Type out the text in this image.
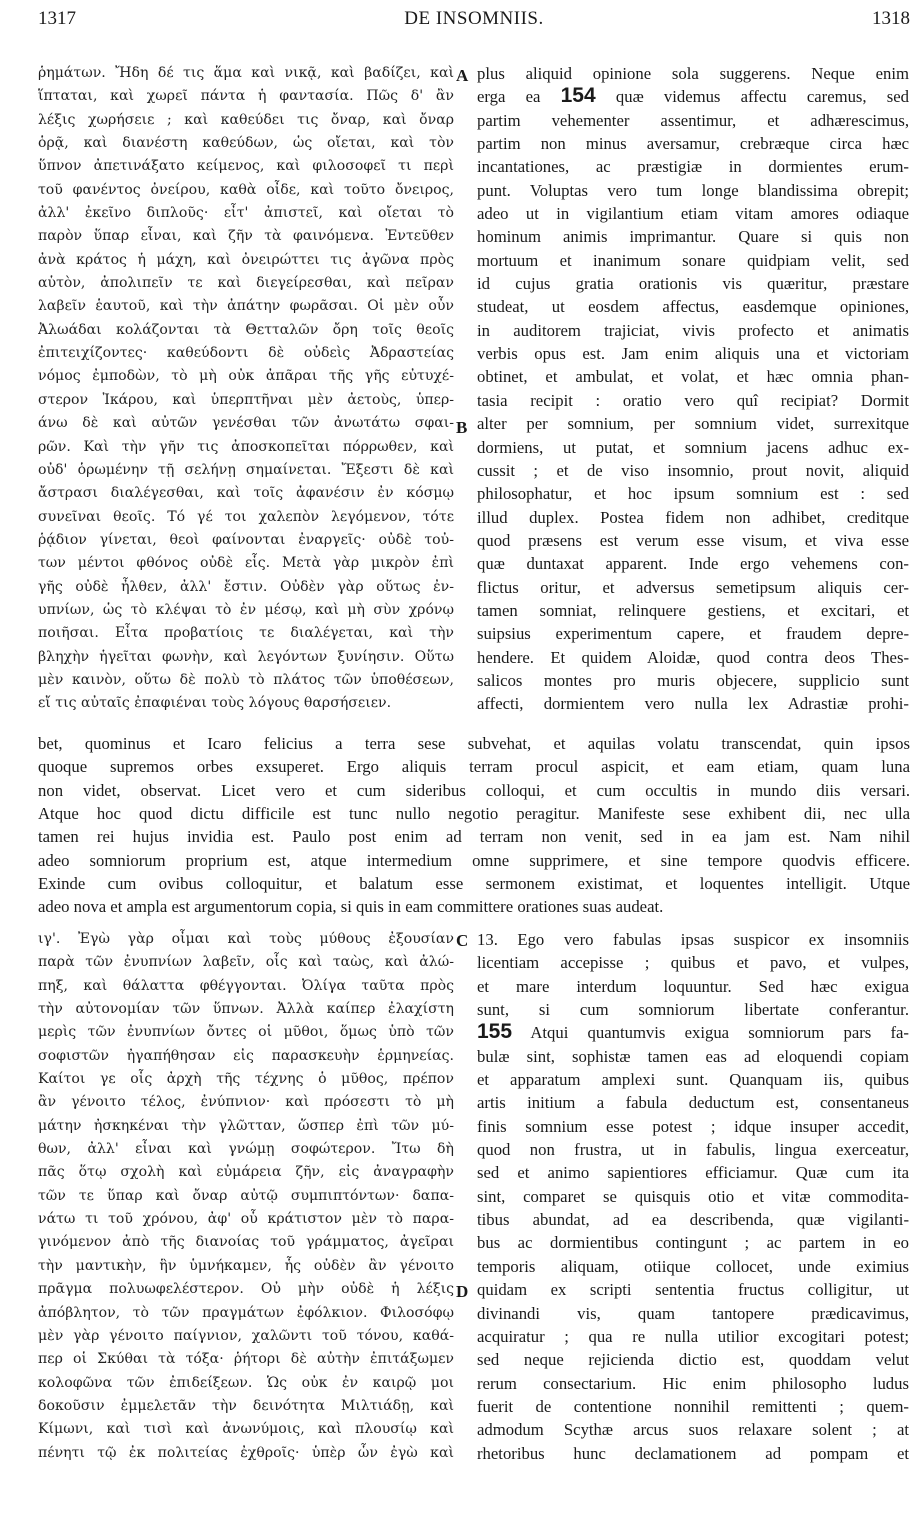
1317	DE INSOMNIIS.	1318

ῥημάτων. Ἤδη δέ τις ἅμα καὶ νικᾷ, καὶ βαδίζει, καὶ

ἵπταται, καὶ χωρεῖ πάντα ἡ φαντασία. Πῶς δ' ἂν

λέξις χωρήσειε ; καὶ καθεύδει τις ὄναρ, καὶ ὄναρ

ὁρᾷ, καὶ διανέστη καθεύδων, ὡς οἴεται, καὶ τὸν

ὕπνον ἀπετινάξατο κείμενος, καὶ φιλοσοφεῖ τι περὶ

τοῦ φανέντος ὀνείρου, καθὰ οἶδε, καὶ τοῦτο ὄνειρος,

ἀλλ' ἐκεῖνο διπλοῦς· εἶτ' ἀπιστεῖ, καὶ οἴεται τὸ

παρὸν ὕπαρ εἶναι, καὶ ζῆν τὰ φαινόμενα. Ἐντεῦθεν

ἀνὰ κράτος ἡ μάχη, καὶ ὀνειρώττει τις ἀγῶνα πρὸς

αὑτὸν, ἀπολιπεῖν τε καὶ διεγείρεσθαι, καὶ πεῖραν

λαβεῖν ἑαυτοῦ, καὶ τὴν ἀπάτην φωρᾶσαι. Οἱ μὲν οὖν

Ἀλωάδαι κολάζονται τὰ Θετταλῶν ὄρη τοῖς θεοῖς

ἐπιτειχίζοντες· καθεύδοντι δὲ οὐδεὶς Ἀδραστείας

νόμος ἐμποδὼν, τὸ μὴ οὐκ ἀπᾶραι τῆς γῆς εὐτυχέ-

στερον Ἰκάρου, καὶ ὑπερπτῆναι μὲν ἀετοὺς, ὑπερ-

άνω δὲ καὶ αὐτῶν γενέσθαι τῶν ἀνωτάτω σφαι-

ρῶν. Καὶ τὴν γῆν τις ἀποσκοπεῖται πόρρωθεν, καὶ

οὐδ' ὁρωμένην τῇ σελήνῃ σημαίνεται. Ἔξεστι δὲ καὶ

ἄστρασι διαλέγεσθαι, καὶ τοῖς ἀφανέσιν ἐν κόσμῳ

συνεῖναι θεοῖς. Τό γέ τοι χαλεπὸν λεγόμενον, τότε

ῥᾴδιον γίνεται, θεοὶ φαίνονται ἐναργεῖς· οὐδὲ τοὐ-

των μέντοι φθόνος οὐδὲ εἷς. Μετὰ γὰρ μικρὸν ἐπὶ

γῆς οὐδὲ ἦλθεν, ἀλλ' ἔστιν. Οὐδὲν γὰρ οὕτως ἐν-

υπνίων, ὡς τὸ κλέψαι τὸ ἐν μέσῳ, καὶ μὴ σὺν χρόνῳ

ποιῆσαι. Εἶτα προβατίοις τε διαλέγεται, καὶ τὴν

βληχὴν ἡγεῖται φωνὴν, καὶ λεγόντων ξυνίησιν. Οὕτω

μὲν καινὸν, οὕτω δὲ πολὺ τὸ πλάτος τῶν ὑποθέσεων,

εἴ τις αὐταῖς ἐπαφιέναι τοὺς λόγους θαρσήσειεν.

plus aliquid opinione sola suggerens. Neque enim

erga ea 154 quæ videmus affectu caremus, sed

partim vehementer assentimur, et adhærescimus,

partim non minus aversamur, crebræque circa hæc

incantationes, ac præstigiæ in dormientes erum-

punt. Voluptas vero tum longe blandissima obrepit;

adeo ut in vigilantium etiam vitam amores odiaque

hominum animis imprimantur. Quare si quis non

mortuum et inanimum sonare quidpiam velit, sed

id cujus gratia orationis vis quæritur, præstare

studeat, ut eosdem affectus, easdemque opiniones,

in auditorem trajiciat, vivis profecto et animatis

verbis opus est. Jam enim aliquis una et victoriam

obtinet, et ambulat, et volat, et hæc omnia phan-

tasia recipit : oratio vero quî recipiat? Dormit

alter per somnium, per somnium videt, surrexitque

dormiens, ut putat, et somnium jacens adhuc ex-

cussit ; et de viso insomnio, prout novit, aliquid

philosophatur, et hoc ipsum somnium est : sed

illud duplex. Postea fidem non adhibet, creditque

quod præsens est verum esse visum, et viva esse

quæ duntaxat apparent. Inde ergo vehemens con-

flictus oritur, et adversus semetipsum aliquis cer-

tamen somniat, relinquere gestiens, et excitari, et

suipsius experimentum capere, et fraudem depre-

hendere. Et quidem Aloidæ, quod contra deos Thes-

salicos montes pro muris objecere, supplicio sunt

affecti, dormientem vero nulla lex Adrastiæ prohi-

A
B
C
D

bet, quominus et Icaro felicius a terra sese subvehat, et aquilas volatu transcendat, quin ipsos

quoque supremos orbes exsuperet. Ergo aliquis terram procul aspicit, et eam etiam, quam luna

non videt, observat. Licet vero et cum sideribus colloqui, et cum occultis in mundo diis versari.

Atque hoc quod dictu difficile est tunc nullo negotio peragitur. Manifeste sese exhibent dii, nec ulla

tamen rei hujus invidia est. Paulo post enim ad terram non venit, sed in ea jam est. Nam nihil

adeo somniorum proprium est, atque intermedium omne supprimere, et sine tempore quodvis efficere.

Exinde cum ovibus colloquitur, et balatum esse sermonem existimat, et loquentes intelligit. Utque

adeo nova et ampla est argumentorum copia, si quis in eam committere orationes suas audeat.

ιγ'. Ἐγὼ γὰρ οἶμαι καὶ τοὺς μύθους ἐξουσίαν

παρὰ τῶν ἐνυπνίων λαβεῖν, οἷς καὶ ταὼς, καὶ ἀλώ-

πηξ, καὶ θάλαττα φθέγγονται. Ὀλίγα ταῦτα πρὸς

τὴν αὐτονομίαν τῶν ὕπνων. Ἀλλὰ καίπερ ἐλαχίστη

μερὶς τῶν ἐνυπνίων ὄντες οἱ μῦθοι, ὅμως ὑπὸ τῶν

σοφιστῶν ἠγαπήθησαν εἰς παρασκευὴν ἑρμηνείας.

Καίτοι γε οἷς ἀρχὴ τῆς τέχνης ὁ μῦθος, πρέπον

ἂν γένοιτο τέλος, ἐνύπνιον· καὶ πρόσεστι τὸ μὴ

μάτην ἠσκηκέναι τὴν γλῶτταν, ὥσπερ ἐπὶ τῶν μύ-

θων, ἀλλ' εἶναι καὶ γνώμῃ σοφώτερον. Ἴτω δὴ

πᾶς ὅτῳ σχολὴ καὶ εὐμάρεια ζῆν, εἰς ἀναγραφὴν

τῶν τε ὕπαρ καὶ ὄναρ αὐτῷ συμπιπτόντων· δαπα-

νάτω τι τοῦ χρόνου, ἀφ' οὗ κράτιστον μὲν τὸ παρα-

γινόμενον ἀπὸ τῆς διανοίας τοῦ γράμματος, ἀγεῖραι

τὴν μαντικὴν, ἣν ὑμνήκαμεν, ἧς οὐδὲν ἂν γένοιτο

πρᾶγμα πολυωφελέστερον. Οὐ μὴν οὐδὲ ἡ λέξις

ἀπόβλητον, τὸ τῶν πραγμάτων ἐφόλκιον. Φιλοσόφῳ

μὲν γὰρ γένοιτο παίγνιον, χαλῶντι τοῦ τόνου, καθά-

περ οἱ Σκύθαι τὰ τόξα· ῥήτορι δὲ αὐτὴν ἐπιτάξωμεν

κολοφῶνα τῶν ἐπιδείξεων. Ὡς οὐκ ἐν καιρῷ μοι

δοκοῦσιν ἐμμελετᾶν τὴν δεινότητα Μιλτιάδῃ, καὶ

Κίμωνι, καὶ τισὶ καὶ ἀνωνύμοις, καὶ πλουσίῳ καὶ

πένητι τῷ ἐκ πολιτείας ἐχθροῖς· ὑπὲρ ὧν ἐγὼ καὶ

13. Ego vero fabulas ipsas suspicor ex insomniis

licentiam accepisse ; quibus et pavo, et vulpes,

et mare interdum loquuntur. Sed hæc exigua

sunt, si cum somniorum libertate conferantur.

155 Atqui quantumvis exigua somniorum pars fa-

bulæ sint, sophistæ tamen eas ad eloquendi copiam

et apparatum amplexi sunt. Quanquam iis, quibus

artis initium a fabula deductum est, consentaneus

finis somnium esse potest ; idque insuper accedit,

quod non frustra, ut in fabulis, lingua exerceatur,

sed et animo sapientiores efficiamur. Quæ cum ita

sint, comparet se quisquis otio et vitæ commodita-

tibus abundat, ad ea describenda, quæ vigilanti-

bus ac dormientibus contingunt ; ac partem in eo

temporis aliquam, otiique collocet, unde eximius

quidam ex scripti sententia fructus colligitur, ut

divinandi vis, quam tantopere prædicavimus,

acquiratur ; qua re nulla utilior excogitari potest;

sed neque rejicienda dictio est, quoddam velut

rerum consectarium. Hic enim philosopho ludus

fuerit de contentione nonnihil remittenti ; quem-

admodum Scythæ arcus suos relaxare solent ; at

rhetoribus hunc declamationem ad pompam et
